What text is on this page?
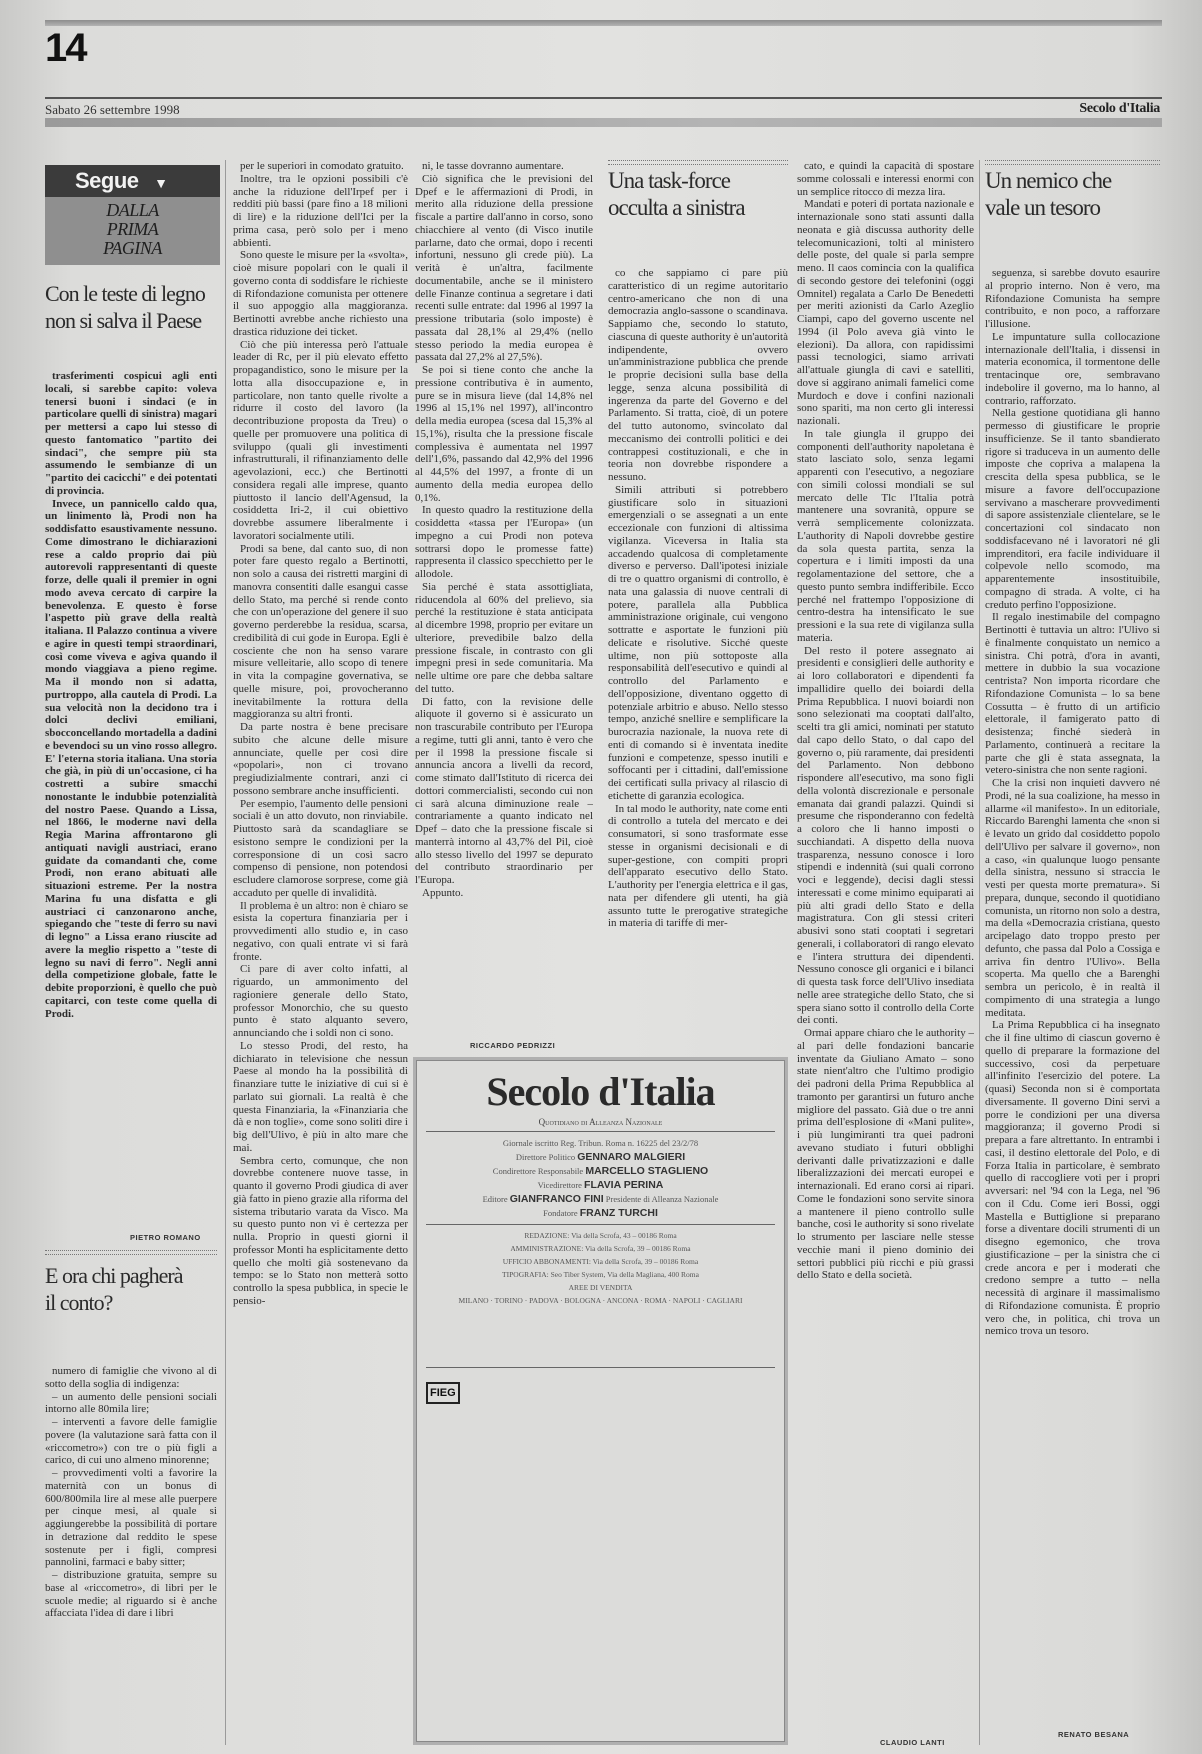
14
Sabato 26 settembre 1998	Secolo d'Italia
Segue ▼
DALLA PRIMA PAGINA
Con le teste di legno non si salva il Paese

trasferimenti cospicui agli enti locali, si sarebbe capito: voleva tenersi buoni i sindaci (e in particolare quelli di sinistra) magari per mettersi a capo lui stesso di questo fantomatico "partito dei sindaci", che sempre più sta assumendo le sembianze di un "partito dei cacicchi" e dei potentati di provincia.

Invece, un pannicello caldo qua, un linimento là, Prodi non ha soddisfatto esaustivamente nessuno. Come dimostrano le dichiarazioni rese a caldo proprio dai più autorevoli rappresentanti di queste forze, delle quali il premier in ogni modo aveva cercato di carpire la benevolenza. E questo è forse l'aspetto più grave della realtà italiana. Il Palazzo continua a vivere e agire in questi tempi straordinari, così come viveva e agiva quando il mondo viaggiava a pieno regime. Ma il mondo non si adatta, purtroppo, alla cautela di Prodi. La sua velocità non la decidono tra i dolci declivi emiliani, sbocconcellando mortadella a dadini e bevendoci su un vino rosso allegro. E' l'eterna storia italiana. Una storia che già, in più di un'occasione, ci ha costretti a subire smacchi nonostante le indubbie potenzialità del nostro Paese. Quando a Lissa, nel 1866, le moderne navi della Regia Marina affrontarono gli antiquati navigli austriaci, erano guidate da comandanti che, come Prodi, non erano abituati alle situazioni estreme. Per la nostra Marina fu una disfatta e gli austriaci ci canzonarono anche, spiegando che "teste di ferro su navi di legno" a Lissa erano riuscite ad avere la meglio rispetto a "teste di legno su navi di ferro". Negli anni della competizione globale, fatte le debite proporzioni, è quello che può capitarci, con teste come quella di Prodi.

PIETRO ROMANO
E ora chi pagherà il conto?

numero di famiglie che vivono al di sotto della soglia di indigenza:

– un aumento delle pensioni sociali intorno alle 80mila lire;

– interventi a favore delle famiglie povere (la valutazione sarà fatta con il «riccometro») con tre o più figli a carico, di cui uno almeno minorenne;

– provvedimenti volti a favorire la maternità con un bonus di 600/800mila lire al mese alle puerpere per cinque mesi, al quale si aggiungerebbe la possibilità di portare in detrazione dal reddito le spese sostenute per i figli, compresi pannolini, farmaci e baby sitter;

– distribuzione gratuita, sempre su base al «riccometro», di libri per le scuole medie; al riguardo si è anche affacciata l'idea di dare i libri

per le superiori in comodato gratuito.

Inoltre, tra le opzioni possibili c'è anche la riduzione dell'Irpef per i redditi più bassi (pare fino a 18 milioni di lire) e la riduzione dell'Ici per la prima casa, però solo per i meno abbienti.

Sono queste le misure per la «svolta», cioè misure popolari con le quali il governo conta di soddisfare le richieste di Rifondazione comunista per ottenere il suo appoggio alla maggioranza. Bertinotti avrebbe anche richiesto una drastica riduzione dei ticket.

Ciò che più interessa però l'attuale leader di Rc, per il più elevato effetto propagandistico, sono le misure per la lotta alla disoccupazione e, in particolare, non tanto quelle rivolte a ridurre il costo del lavoro (la decontribuzione proposta da Treu) o quelle per promuovere una politica di sviluppo (quali gli investimenti infrastrutturali, il rifinanziamento delle agevolazioni, ecc.) che Bertinotti considera regali alle imprese, quanto piuttosto il lancio dell'Agensud, la cosiddetta Iri-2, il cui obiettivo dovrebbe assumere liberalmente i lavoratori socialmente utili.

Prodi sa bene, dal canto suo, di non poter fare questo regalo a Bertinotti, non solo a causa dei ristretti margini di manovra consentiti dalle esangui casse dello Stato, ma perché si rende conto che con un'operazione del genere il suo governo perderebbe la residua, scarsa, credibilità di cui gode in Europa. Egli è cosciente che non ha senso varare misure velleitarie, allo scopo di tenere in vita la compagine governativa, se quelle misure, poi, provocheranno inevitabilmente la rottura della maggioranza su altri fronti.

Da parte nostra è bene precisare subito che alcune delle misure annunciate, quelle per così dire «popolari», non ci trovano pregiudizialmente contrari, anzi ci possono sembrare anche insufficienti.

Per esempio, l'aumento delle pensioni sociali è un atto dovuto, non rinviabile. Piuttosto sarà da scandagliare se esistono sempre le condizioni per la corresponsione di un così sacro compenso di pensione, non potendosi escludere clamorose sorprese, come già accaduto per quelle di invalidità.

Il problema è un altro: non è chiaro se esista la copertura finanziaria per i provvedimenti allo studio e, in caso negativo, con quali entrate vi si farà fronte.

Ci pare di aver colto infatti, al riguardo, un ammonimento del ragioniere generale dello Stato, professor Monorchio, che su questo punto è stato alquanto severo, annunciando che i soldi non ci sono.

Lo stesso Prodi, del resto, ha dichiarato in televisione che nessun Paese al mondo ha la possibilità di finanziare tutte le iniziative di cui si è parlato sui giornali. La realtà è che questa Finanziaria, la «Finanziaria che dà e non toglie», come sono soliti dire i big dell'Ulivo, è più in alto mare che mai.

Sembra certo, comunque, che non dovrebbe contenere nuove tasse, in quanto il governo Prodi giudica di aver già fatto in pieno grazie alla riforma del sistema tributario varata da Visco. Ma su questo punto non vi è certezza per nulla. Proprio in questi giorni il professor Monti ha esplicitamente detto quello che molti già sostenevano da tempo: se lo Stato non metterà sotto controllo la spesa pubblica, in specie le pensio-

ni, le tasse dovranno aumentare.

Ciò significa che le previsioni del Dpef e le affermazioni di Prodi, in merito alla riduzione della pressione fiscale a partire dall'anno in corso, sono chiacchiere al vento (di Visco inutile parlarne, dato che ormai, dopo i recenti infortuni, nessuno gli crede più). La verità è un'altra, facilmente documentabile, anche se il ministero delle Finanze continua a segretare i dati recenti sulle entrate: dal 1996 al 1997 la pressione tributaria (solo imposte) è passata dal 28,1% al 29,4% (nello stesso periodo la media europea è passata dal 27,2% al 27,5%).

Se poi si tiene conto che anche la pressione contributiva è in aumento, pure se in misura lieve (dal 14,8% nel 1996 al 15,1% nel 1997), all'incontro della media europea (scesa dal 15,3% al 15,1%), risulta che la pressione fiscale complessiva è aumentata nel 1997 dell'1,6%, passando dal 42,9% del 1996 al 44,5% del 1997, a fronte di un aumento della media europea dello 0,1%.

In questo quadro la restituzione della cosiddetta «tassa per l'Europa» (un impegno a cui Prodi non poteva sottrarsi dopo le promesse fatte) rappresenta il classico specchietto per le allodole.

Sia perché è stata assottigliata, riducendola al 60% del prelievo, sia perché la restituzione è stata anticipata al dicembre 1998, proprio per evitare un ulteriore, prevedibile balzo della pressione fiscale, in contrasto con gli impegni presi in sede comunitaria. Ma nelle ultime ore pare che debba saltare del tutto.

Di fatto, con la revisione delle aliquote il governo si è assicurato un non trascurabile contributo per l'Europa a regime, tutti gli anni, tanto è vero che per il 1998 la pressione fiscale si annuncia ancora a livelli da record, come stimato dall'Istituto di ricerca dei dottori commercialisti, secondo cui non ci sarà alcuna diminuzione reale – contrariamente a quanto indicato nel Dpef – dato che la pressione fiscale si manterrà intorno al 43,7% del Pil, cioè allo stesso livello del 1997 se depurato del contributo straordinario per l'Europa.

Appunto.

RICCARDO PEDRIZZI
Una task-force occulta a sinistra

co che sappiamo ci pare più caratteristico di un regime autoritario centro-americano che non di una democrazia anglo-sassone o scandinava. Sappiamo che, secondo lo statuto, ciascuna di queste authority è un'autorità indipendente, ovvero un'amministrazione pubblica che prende le proprie decisioni sulla base della legge, senza alcuna possibilità di ingerenza da parte del Governo e del Parlamento. Si tratta, cioè, di un potere del tutto autonomo, svincolato dal meccanismo dei controlli politici e dei contrappesi costituzionali, e che in teoria non dovrebbe rispondere a nessuno.

Simili attributi si potrebbero giustificare solo in situazioni emergenziali o se assegnati a un ente eccezionale con funzioni di altissima vigilanza. Viceversa in Italia sta accadendo qualcosa di completamente diverso e perverso. Dall'ipotesi iniziale di tre o quattro organismi di controllo, è nata una galassia di nuove centrali di potere, parallela alla Pubblica amministrazione originale, cui vengono sottratte e asportate le funzioni più delicate e risolutive. Sicché queste ultime, non più sottoposte alla responsabilità dell'esecutivo e quindi al controllo del Parlamento e dell'opposizione, diventano oggetto di potenziale arbitrio e abuso. Nello stesso tempo, anziché snellire e semplificare la burocrazia nazionale, la nuova rete di enti di comando si è inventata inedite funzioni e competenze, spesso inutili e soffocanti per i cittadini, dall'emissione dei certificati sulla privacy al rilascio di etichette di garanzia ecologica.

In tal modo le authority, nate come enti di controllo a tutela del mercato e dei consumatori, si sono trasformate esse stesse in organismi decisionali e di super-gestione, con compiti propri dell'apparato esecutivo dello Stato. L'authority per l'energia elettrica e il gas, nata per difendere gli utenti, ha già assunto tutte le prerogative strategiche in materia di tariffe di mer-

cato, e quindi la capacità di spostare somme colossali e interessi enormi con un semplice ritocco di mezza lira.

Mandati e poteri di portata nazionale e internazionale sono stati assunti dalla neonata e già discussa authority delle telecomunicazioni, tolti al ministero delle poste, del quale si parla sempre meno. Il caos comincia con la qualifica di secondo gestore dei telefonini (oggi Omnitel) regalata a Carlo De Benedetti per meriti azionisti da Carlo Azeglio Ciampi, capo del governo uscente nel 1994 (il Polo aveva già vinto le elezioni). Da allora, con rapidissimi passi tecnologici, siamo arrivati all'attuale giungla di cavi e satelliti, dove si aggirano animali famelici come Murdoch e dove i confini nazionali sono spariti, ma non certo gli interessi nazionali.

In tale giungla il gruppo dei componenti dell'authority napoletana è stato lasciato solo, senza legami apparenti con l'esecutivo, a negoziare con simili colossi mondiali se sul mercato delle Tlc l'Italia potrà mantenere una sovranità, oppure se verrà semplicemente colonizzata. L'authority di Napoli dovrebbe gestire da sola questa partita, senza la copertura e i limiti imposti da una regolamentazione del settore, che a questo punto sembra indifferibile. Ecco perché nel frattempo l'opposizione di centro-destra ha intensificato le sue pressioni e la sua rete di vigilanza sulla materia.

Del resto il potere assegnato ai presidenti e consiglieri delle authority e ai loro collaboratori e dipendenti fa impallidire quello dei boiardi della Prima Repubblica. I nuovi boiardi non sono selezionati ma cooptati dall'alto, scelti tra gli amici, nominati per statuto dal capo dello Stato, o dal capo del governo o, più raramente, dai presidenti del Parlamento. Non debbono rispondere all'esecutivo, ma sono figli della volontà discrezionale e personale emanata dai grandi palazzi. Quindi si presume che risponderanno con fedeltà a coloro che li hanno imposti o succhiandati. A dispetto della nuova trasparenza, nessuno conosce i loro stipendi e indennità (sui quali corrono voci e leggende), decisi dagli stessi interessati e come minimo equiparati ai più alti gradi dello Stato e della magistratura. Con gli stessi criteri abusivi sono stati cooptati i segretari generali, i collaboratori di rango elevato e l'intera struttura dei dipendenti. Nessuno conosce gli organici e i bilanci di questa task force dell'Ulivo insediata nelle aree strategiche dello Stato, che si spera siano sotto il controllo della Corte dei conti.

Ormai appare chiaro che le authority – al pari delle fondazioni bancarie inventate da Giuliano Amato – sono state nient'altro che l'ultimo prodigio dei padroni della Prima Repubblica al tramonto per garantirsi un futuro anche migliore del passato. Già due o tre anni prima dell'esplosione di «Mani pulite», i più lungimiranti tra quei padroni avevano studiato i futuri obblighi derivanti dalle privatizzazioni e dalle liberalizzazioni dei mercati europei e internazionali. Ed erano corsi ai ripari. Come le fondazioni sono servite sinora a mantenere il pieno controllo sulle banche, così le authority si sono rivelate lo strumento per lasciare nelle stesse vecchie mani il pieno dominio dei settori pubblici più ricchi e più grassi dello Stato e della società.

CLAUDIO LANTI
Un nemico che vale un tesoro

seguenza, si sarebbe dovuto esaurire al proprio interno. Non è vero, ma Rifondazione Comunista ha sempre contribuito, e non poco, a rafforzare l'illusione.

Le impuntature sulla collocazione internazionale dell'Italia, i dissensi in materia economica, il tormentone delle trentacinque ore, sembravano indebolire il governo, ma lo hanno, al contrario, rafforzato.

Nella gestione quotidiana gli hanno permesso di giustificare le proprie insufficienze. Se il tanto sbandierato rigore si traduceva in un aumento delle imposte che copriva a malapena la crescita della spesa pubblica, se le misure a favore dell'occupazione servivano a mascherare provvedimenti di sapore assistenziale clientelare, se le concertazioni col sindacato non soddisfacevano né i lavoratori né gli imprenditori, era facile individuare il colpevole nello scomodo, ma apparentemente insostituibile, compagno di strada. A volte, ci ha creduto perfino l'opposizione.

Il regalo inestimabile del compagno Bertinotti è tuttavia un altro: l'Ulivo si è finalmente conquistato un nemico a sinistra. Chi potrà, d'ora in avanti, mettere in dubbio la sua vocazione centrista? Non importa ricordare che Rifondazione Comunista – lo sa bene Cossutta – è frutto di un artificio elettorale, il famigerato patto di desistenza; finché siederà in Parlamento, continuerà a recitare la parte che gli è stata assegnata, la vetero-sinistra che non sente ragioni.

Che la crisi non inquieti davvero né Prodi, né la sua coalizione, ha messo in allarme «il manifesto». In un editoriale, Riccardo Barenghi lamenta che «non si è levato un grido dal cosiddetto popolo dell'Ulivo per salvare il governo», non a caso, «in qualunque luogo pensante della sinistra, nessuno si straccia le vesti per questa morte prematura». Si prepara, dunque, secondo il quotidiano comunista, un ritorno non solo a destra, ma della «Democrazia cristiana, questo arcipelago dato troppo presto per defunto, che passa dal Polo a Cossiga e arriva fin dentro l'Ulivo». Bella scoperta. Ma quello che a Barenghi sembra un pericolo, è in realtà il compimento di una strategia a lungo meditata.

La Prima Repubblica ci ha insegnato che il fine ultimo di ciascun governo è quello di preparare la formazione del successivo, così da perpetuare all'infinito l'esercizio del potere. La (quasi) Seconda non si è comportata diversamente. Il governo Dini servì a porre le condizioni per una diversa maggioranza; il governo Prodi si prepara a fare altrettanto. In entrambi i casi, il destino elettorale del Polo, e di Forza Italia in particolare, è sembrato quello di raccogliere voti per i propri avversari: nel '94 con la Lega, nel '96 con il Cdu. Come ieri Bossi, oggi Mastella e Buttiglione si preparano forse a diventare docili strumenti di un disegno egemonico, che trova giustificazione – per la sinistra che ci crede ancora e per i moderati che credono sempre a tutto – nella necessità di arginare il massimalismo di Rifondazione comunista. È proprio vero che, in politica, chi trova un nemico trova un tesoro.

RENATO BESANA
Secolo d'Italia
Quotidiano di Alleanza Nazionale
Giornale iscritto Reg. Tribun. Roma n. 16225 del 23/2/78
Direttore Politico GENNARO MALGIERI
Condirettore Responsabile MARCELLO STAGLIENO
Vicedirettore FLAVIA PERINA
Editore GIANFRANCO FINI Presidente di Alleanza Nazionale
Fondatore FRANZ TURCHI
REDAZIONE: Via della Scrofa, 43 – 00186 Roma
AMMINISTRAZIONE: Via della Scrofa, 39 – 00186 Roma
UFFICIO ABBONAMENTI: Via della Scrofa, 39 – 00186 Roma
TIPOGRAFIA: Seo Tiber System, Via della Magliana, 400 Roma
AREE DI VENDITA
MILANO · TORINO · PADOVA · BOLOGNA · ANCONA · ROMA · NAPOLI · CAGLIARI
FIEG
